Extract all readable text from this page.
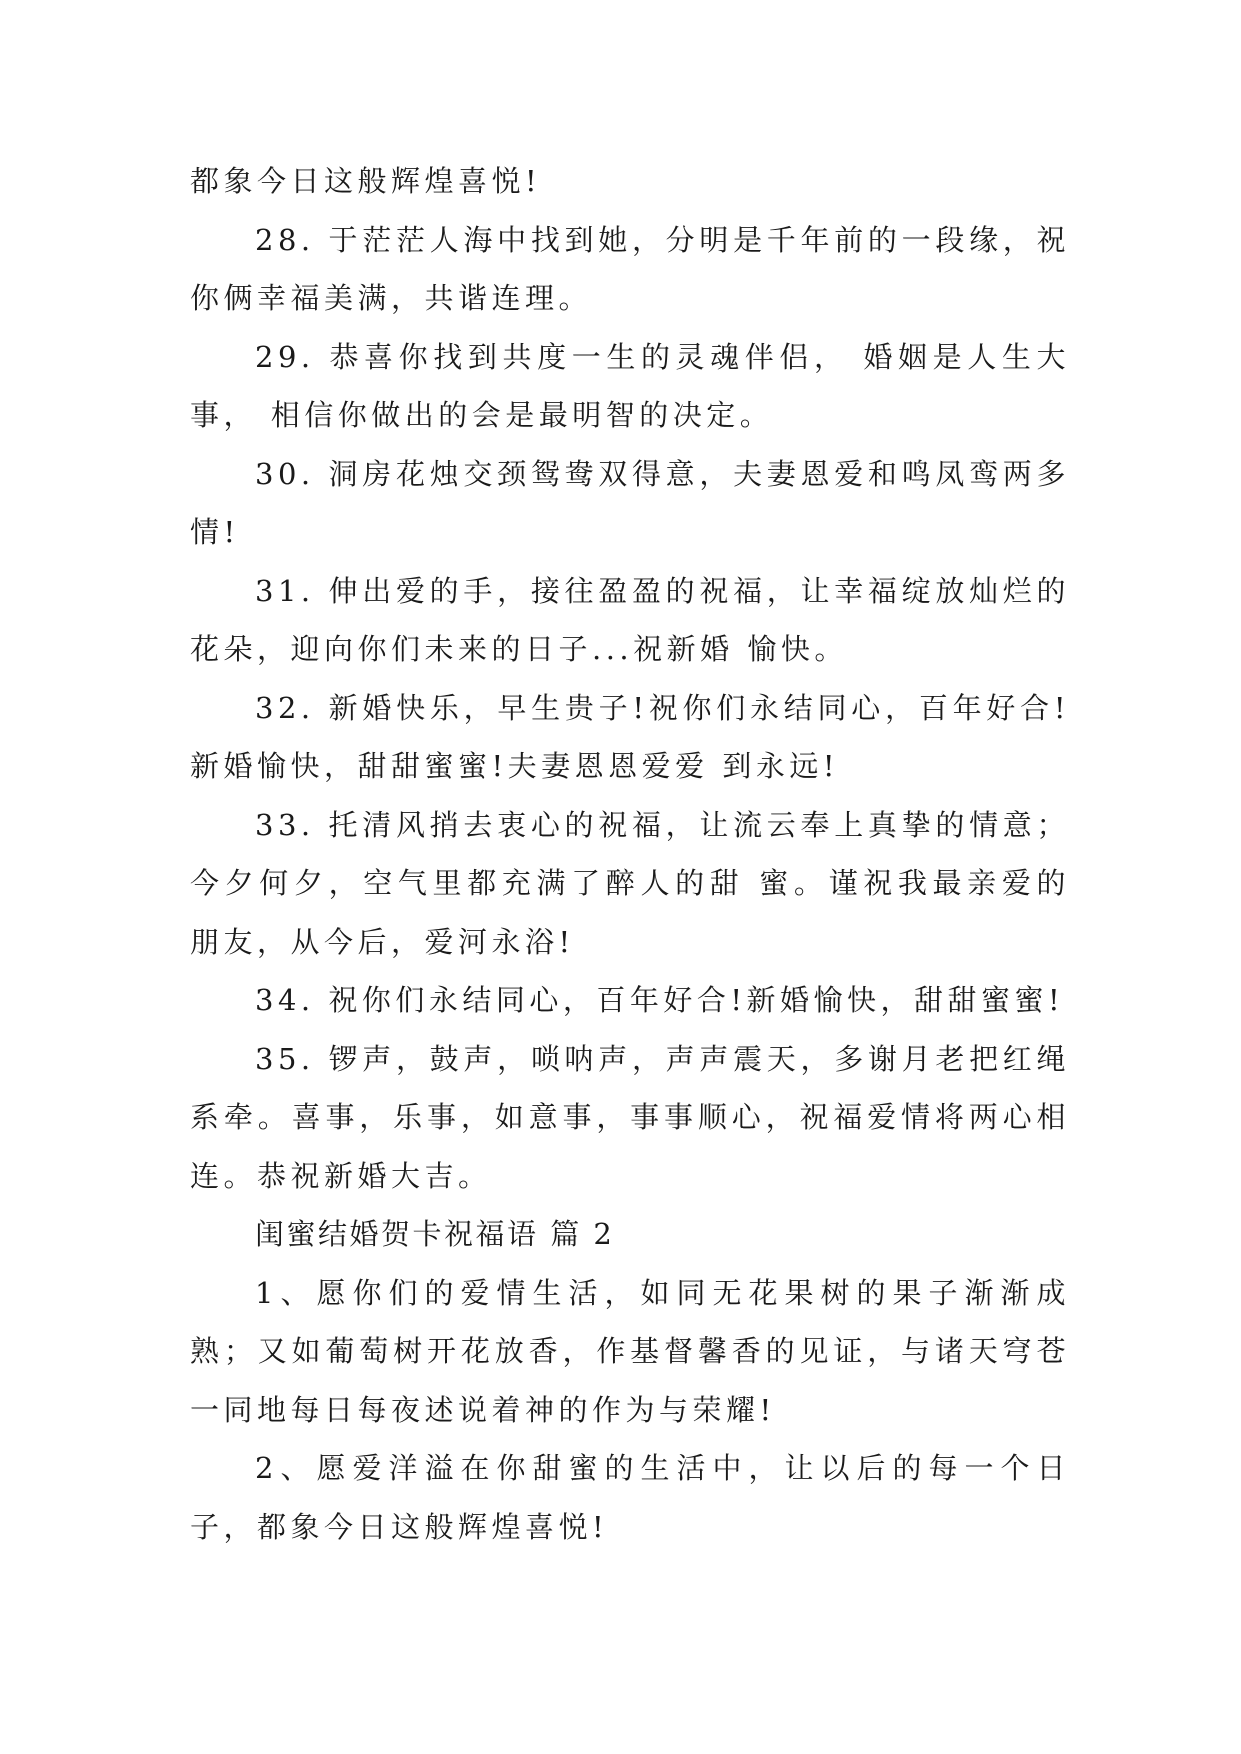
都象今日这般辉煌喜悦!

28. 于茫茫人海中找到她，分明是千年前的一段缘，祝你俩幸福美满，共谐连理。

29. 恭喜你找到共度一生的灵魂伴侣， 婚姻是人生大事， 相信你做出的会是最明智的决定。

30. 洞房花烛交颈鸳鸯双得意，夫妻恩爱和鸣凤鸾两多情!

31. 伸出爱的手，接往盈盈的祝福，让幸福绽放灿烂的花朵，迎向你们未来的日子...祝新婚 愉快。

32. 新婚快乐，早生贵子!祝你们永结同心，百年好合!新婚愉快，甜甜蜜蜜!夫妻恩恩爱爱 到永远!

33. 托清风捎去衷心的祝福，让流云奉上真挚的情意；今夕何夕，空气里都充满了醉人的甜 蜜。谨祝我最亲爱的朋友，从今后，爱河永浴!

34. 祝你们永结同心，百年好合!新婚愉快，甜甜蜜蜜!

35. 锣声，鼓声，唢呐声，声声震天，多谢月老把红绳系牵。喜事，乐事，如意事，事事顺心，祝福爱情将两心相连。恭祝新婚大吉。

闺蜜结婚贺卡祝福语 篇 2

1、愿你们的爱情生活，如同无花果树的果子渐渐成熟；又如葡萄树开花放香，作基督馨香的见证，与诸天穹苍一同地每日每夜述说着神的作为与荣耀!

2、愿爱洋溢在你甜蜜的生活中，让以后的每一个日子，都象今日这般辉煌喜悦!
